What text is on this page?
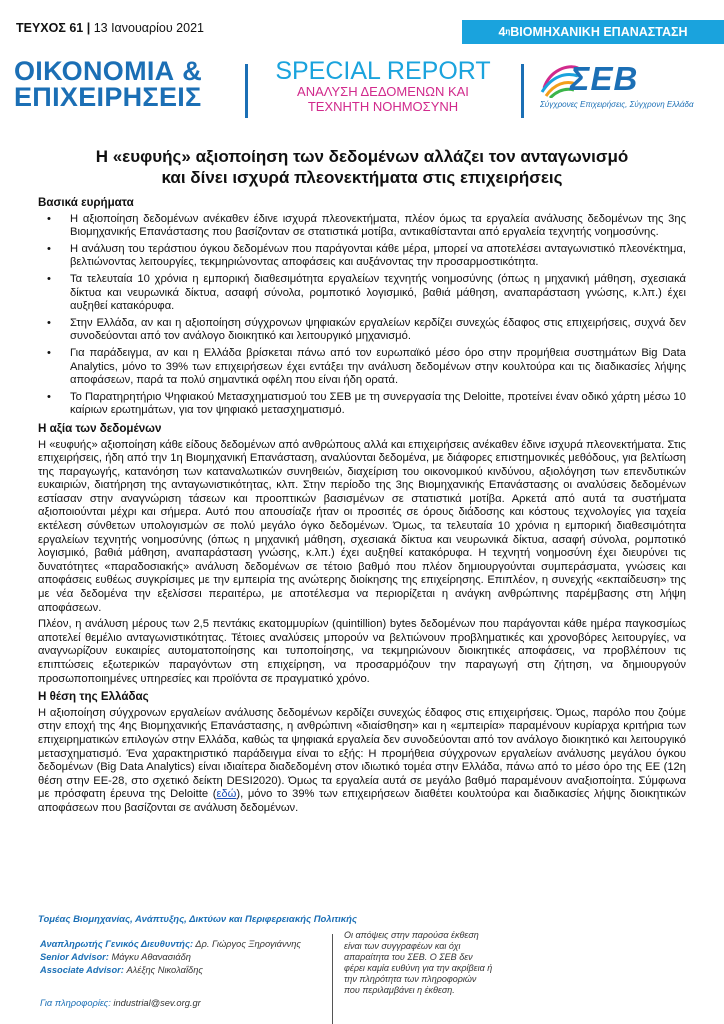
ΤΕΥΧΟΣ 61 | 13 Ιανουαρίου 2021	4 η ΒΙΟΜΗΧΑΝΙΚΗ ΕΠΑΝΑΣΤΑΣΗ
ΟΙΚΟΝΟΜΙΑ &
ΕΠΙΧΕΙΡΗΣΕΙΣ
SPECIAL REPORT
ΑΝΑΛΥΣΗ ΔΕΔΟΜΕΝΩΝ ΚΑΙ
ΤΕΧΝΗΤΗ ΝΟΗΜΟΣΥΝΗ
ΣΕΒ
Σύγχρονες Επιχειρήσεις, Σύγχρονη Ελλάδα
Η «ευφυής» αξιοποίηση των δεδομένων αλλάζει τον ανταγωνισμό
και δίνει ισχυρά πλεονεκτήματα στις επιχειρήσεις
Βασικά ευρήματα
• Η αξιοποίηση δεδομένων ανέκαθεν έδινε ισχυρά πλεονεκτήματα, πλέον όμως τα εργαλεία ανάλυσης δεδομένων της 3ης Βιομηχανικής Επανάστασης που βασίζονταν σε στατιστικά μοτίβα, αντικαθίστανται από εργαλεία τεχνητής νοημοσύνης.
• Η ανάλυση του τεράστιου όγκου δεδομένων που παράγονται κάθε μέρα, μπορεί να αποτελέσει ανταγωνιστικό πλεονέκτημα, βελτιώνοντας λειτουργίες, τεκμηριώνοντας αποφάσεις και αυξάνοντας την προσαρμοστικότητα.
• Τα τελευταία 10 χρόνια η εμπορική διαθεσιμότητα εργαλείων τεχνητής νοημοσύνης (όπως η μηχανική μάθηση, σχεσιακά δίκτυα και νευρωνικά δίκτυα, ασαφή σύνολα, ρομποτικό λογισμικό, βαθιά μάθηση, αναπαράσταση γνώσης, κ.λπ.) έχει αυξηθεί κατακόρυφα.
• Στην Ελλάδα, αν και η αξιοποίηση σύγχρονων ψηφιακών εργαλείων κερδίζει συνεχώς έδαφος στις επιχειρήσεις, συχνά δεν συνοδεύονται από τον ανάλογο διοικητικό και λειτουργικό μηχανισμό.
• Για παράδειγμα, αν και η Ελλάδα βρίσκεται πάνω από τον ευρωπαϊκό μέσο όρο στην προμήθεια συστημάτων Big Data Analytics, μόνο το 39% των επιχειρήσεων έχει εντάξει την ανάλυση δεδομένων στην κουλτούρα και τις διαδικασίες λήψης αποφάσεων, παρά τα πολύ σημαντικά οφέλη που είναι ήδη ορατά.
• Το Παρατηρητήριο Ψηφιακού Μετασχηματισμού του ΣΕΒ με τη συνεργασία της Deloitte, προτείνει έναν οδικό χάρτη μέσω 10 καίριων ερωτημάτων, για τον ψηφιακό μετασχηματισμό.
Η αξία των δεδομένων

Η «ευφυής» αξιοποίηση κάθε είδους δεδομένων από ανθρώπους αλλά και επιχειρήσεις ανέκαθεν έδινε ισχυρά πλεονεκτήματα. Στις επιχειρήσεις, ήδη από την 1η Βιομηχανική Επανάσταση, αναλύονται δεδομένα, με διάφορες επιστημονικές μεθόδους, για βελτίωση της παραγωγής, κατανόηση των καταναλωτικών συνηθειών, διαχείριση του οικονομικού κινδύνου, αξιολόγηση των επενδυτικών ευκαιριών, διατήρηση της ανταγωνιστικότητας, κλπ. Στην περίοδο της 3ης Βιομηχανικής Επανάστασης οι αναλύσεις δεδομένων εστίασαν στην αναγνώριση τάσεων και προοπτικών βασισμένων σε στατιστικά μοτίβα. Αρκετά από αυτά τα συστήματα αξιοποιούνται μέχρι και σήμερα. Αυτό που απουσίαζε ήταν οι προσιτές σε όρους διάδοσης και κόστους τεχνολογίες για ταχεία εκτέλεση σύνθετων υπολογισμών σε πολύ μεγάλο όγκο δεδομένων. Όμως, τα τελευταία 10 χρόνια η εμπορική διαθεσιμότητα εργαλείων τεχνητής νοημοσύνης (όπως η μηχανική μάθηση, σχεσιακά δίκτυα και νευρωνικά δίκτυα, ασαφή σύνολα, ρομποτικό λογισμικό, βαθιά μάθηση, αναπαράσταση γνώσης, κ.λπ.) έχει αυξηθεί κατακόρυφα. Η τεχνητή νοημοσύνη έχει διευρύνει τις δυνατότητες «παραδοσιακής» ανάλυση δεδομένων σε τέτοιο βαθμό που πλέον δημιουργούνται συμπεράσματα, γνώσεις και αποφάσεις ευθέως συγκρίσιμες με την εμπειρία της ανώτερης διοίκησης της επιχείρησης. Επιπλέον, η συνεχής «εκπαίδευση» της με νέα δεδομένα την εξελίσσει περαιτέρω, με αποτέλεσμα να περιορίζεται η ανάγκη ανθρώπινης παρέμβασης στη λήψη αποφάσεων.

Πλέον, η ανάλυση μέρους των 2,5 πεντάκις εκατομμυρίων (quintillion) bytes δεδομένων που παράγονται κάθε ημέρα παγκοσμίως αποτελεί θεμέλιο ανταγωνιστικότητας. Τέτοιες αναλύσεις μπορούν να βελτιώνουν προβληματικές και χρονοβόρες λειτουργίες, να αναγνωρίζουν ευκαιρίες αυτοματοποίησης και τυποποίησης, να τεκμηριώνουν διοικητικές αποφάσεις, να προβλέπουν τις επιπτώσεις εξωτερικών παραγόντων στη επιχείρηση, να προσαρμόζουν την παραγωγή στη ζήτηση, να δημιουργούν προσωποποιημένες υπηρεσίες και προϊόντα σε πραγματικό χρόνο.

Η θέση της Ελλάδας

Η αξιοποίηση σύγχρονων εργαλείων ανάλυσης δεδομένων κερδίζει συνεχώς έδαφος στις επιχειρήσεις. Όμως, παρόλο που ζούμε στην εποχή της 4ης Βιομηχανικής Επανάστασης, η ανθρώπινη «διαίσθηση» και η «εμπειρία» παραμένουν κυρίαρχα κριτήρια των επιχειρηματικών επιλογών στην Ελλάδα, καθώς τα ψηφιακά εργαλεία δεν συνοδεύονται από τον ανάλογο διοικητικό και λειτουργικό μετασχηματισμό. Ένα χαρακτηριστικό παράδειγμα είναι το εξής: Η προμήθεια σύγχρονων εργαλείων ανάλυσης μεγάλου όγκου δεδομένων (Big Data Analytics) είναι ιδιαίτερα διαδεδομένη στον ιδιωτικό τομέα στην Ελλάδα, πάνω από το μέσο όρο της ΕΕ (12η θέση στην ΕΕ-28, στο σχετικό δείκτη DESI2020). Όμως τα εργαλεία αυτά σε μεγάλο βαθμό παραμένουν αναξιοποίητα. Σύμφωνα με πρόσφατη έρευνα της Deloitte (εδώ), μόνο το 39% των επιχειρήσεων διαθέτει κουλτούρα και διαδικασίες λήψης διοικητικών αποφάσεων που βασίζονται σε ανάλυση δεδομένων.

Τομέας Βιομηχανίας, Ανάπτυξης, Δικτύων και Περιφερειακής Πολιτικής
Αναπληρωτής Γενικός Διευθυντής: Δρ. Γιώργος Ξηρογιάννης
Senior Advisor: Μάγκυ Αθανασιάδη
Associate Advisor: Αλέξης Νικολαΐδης
Για πληροφορίες: industrial@sev.org.gr
Οι απόψεις στην παρούσα έκθεση είναι των συγγραφέων και όχι απαραίτητα του ΣΕΒ. Ο ΣΕΒ δεν φέρει καμία ευθύνη για την ακρίβεια ή την πληρότητα των πληροφοριών που περιλαμβάνει η έκθεση.
